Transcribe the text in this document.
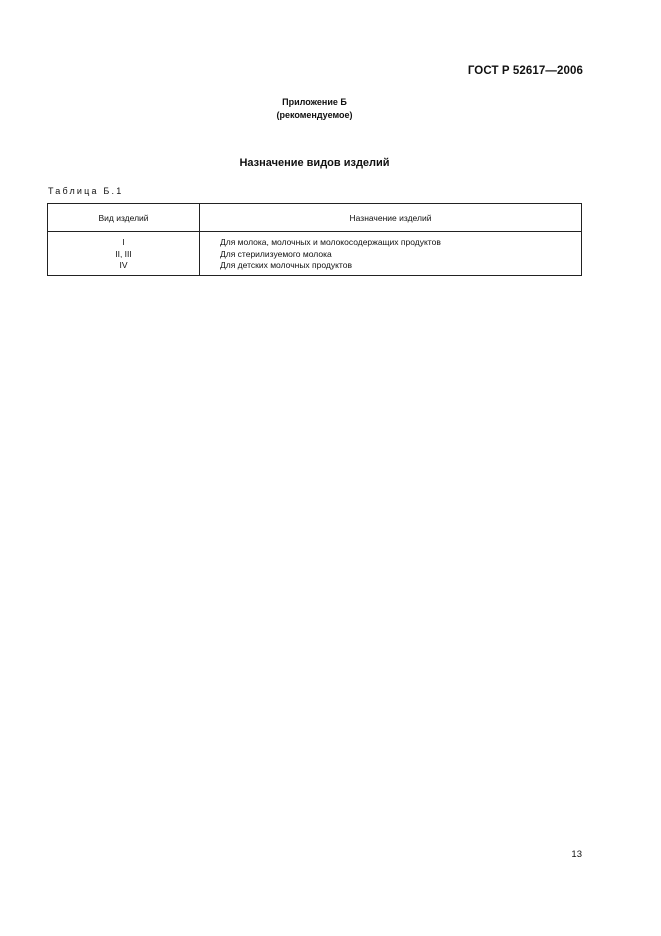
ГОСТ Р 52617—2006
Приложение Б
(рекомендуемое)
Назначение видов изделий
Таблица Б.1
Вид изделий	Назначение изделий
I	Для молока, молочных и молокосодержащих продуктов
II, III	Для стерилизуемого молока
IV	Для детских молочных продуктов
13
